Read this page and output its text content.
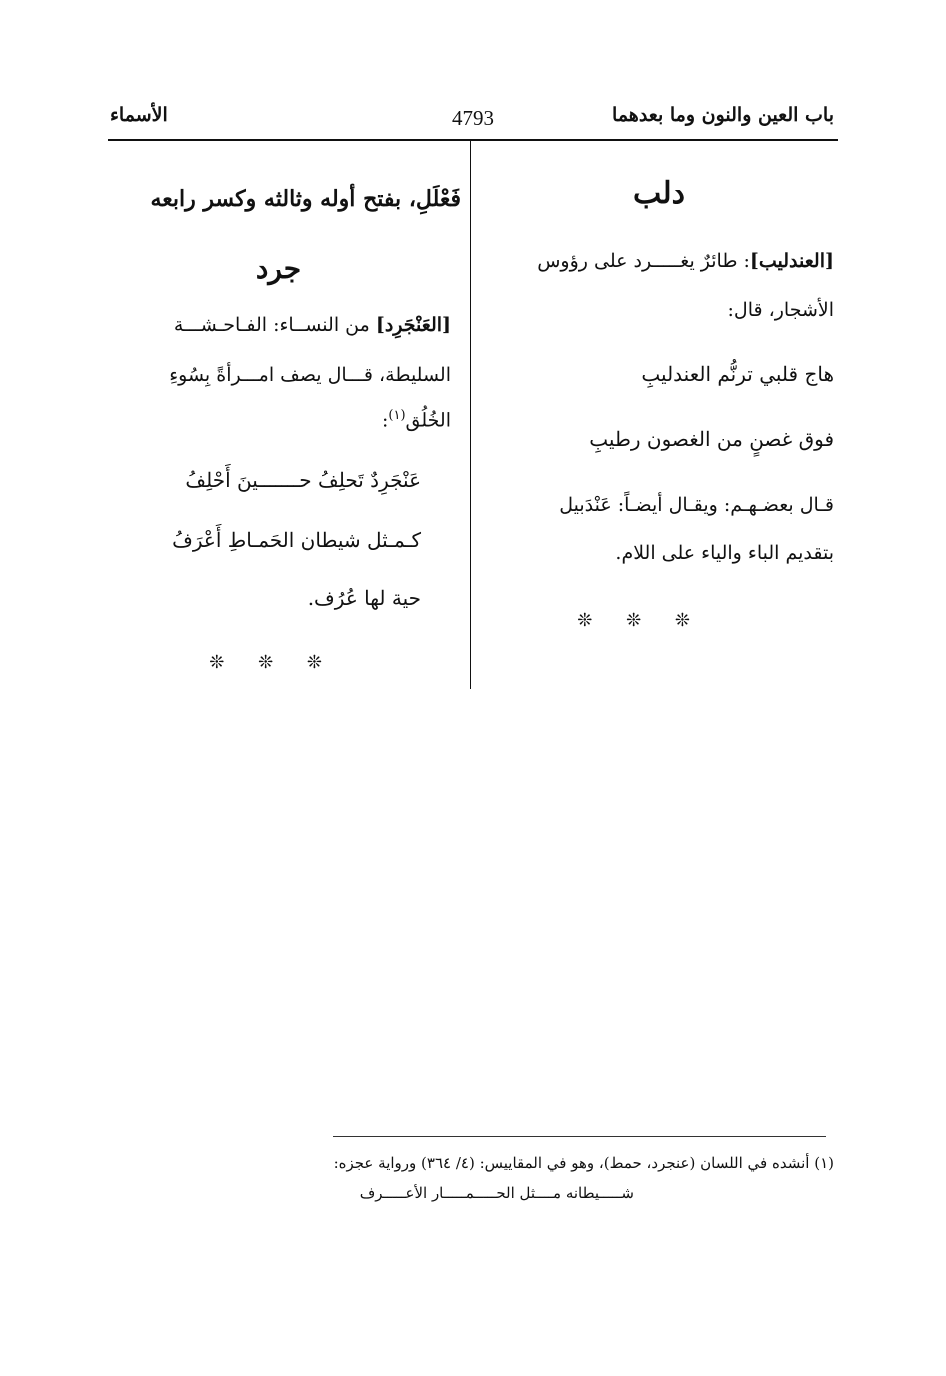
باب العين والنون وما بعدهما
4793
الأسماء
دلب

[العندليب]: طائرٌ يغـــــرد على رؤوس

الأشجار، قال:

هاج قلبي ترنُّم العندليبِ

فوق غصنٍ من الغصون رطيبِ

قـال بعضـهـم: ويقـال أيضـاً: عَنْدَبيل

بتقديم الباء والياء على اللام.

❊ ❊ ❊
فَعْلَلِ، بفتح أوله وثالثه وكسر رابعه
جرد

[العَنْجَرِد] من النســاء: الفـاحـشـــة

السليطة، قـــال يصف امـــرأةً بِسُوءِ

الخُلُق$^{(١)}$:

عَنْجَرِدٌ تَحلِفُ حـــــــينَ أَحْلِفُ

كـمـثل شيطان الحَمـاطِ أَعْرَفُ

حية لها عُرُف.

❊ ❊ ❊
(١) أنشده في اللسان (عنجرد، حمط)، وهو في المقاييس: (٤/ ٣٦٤) ورواية عجزه:
شـــــيطانه مــــثل الحـــــمـــــار الأعـــــرف
